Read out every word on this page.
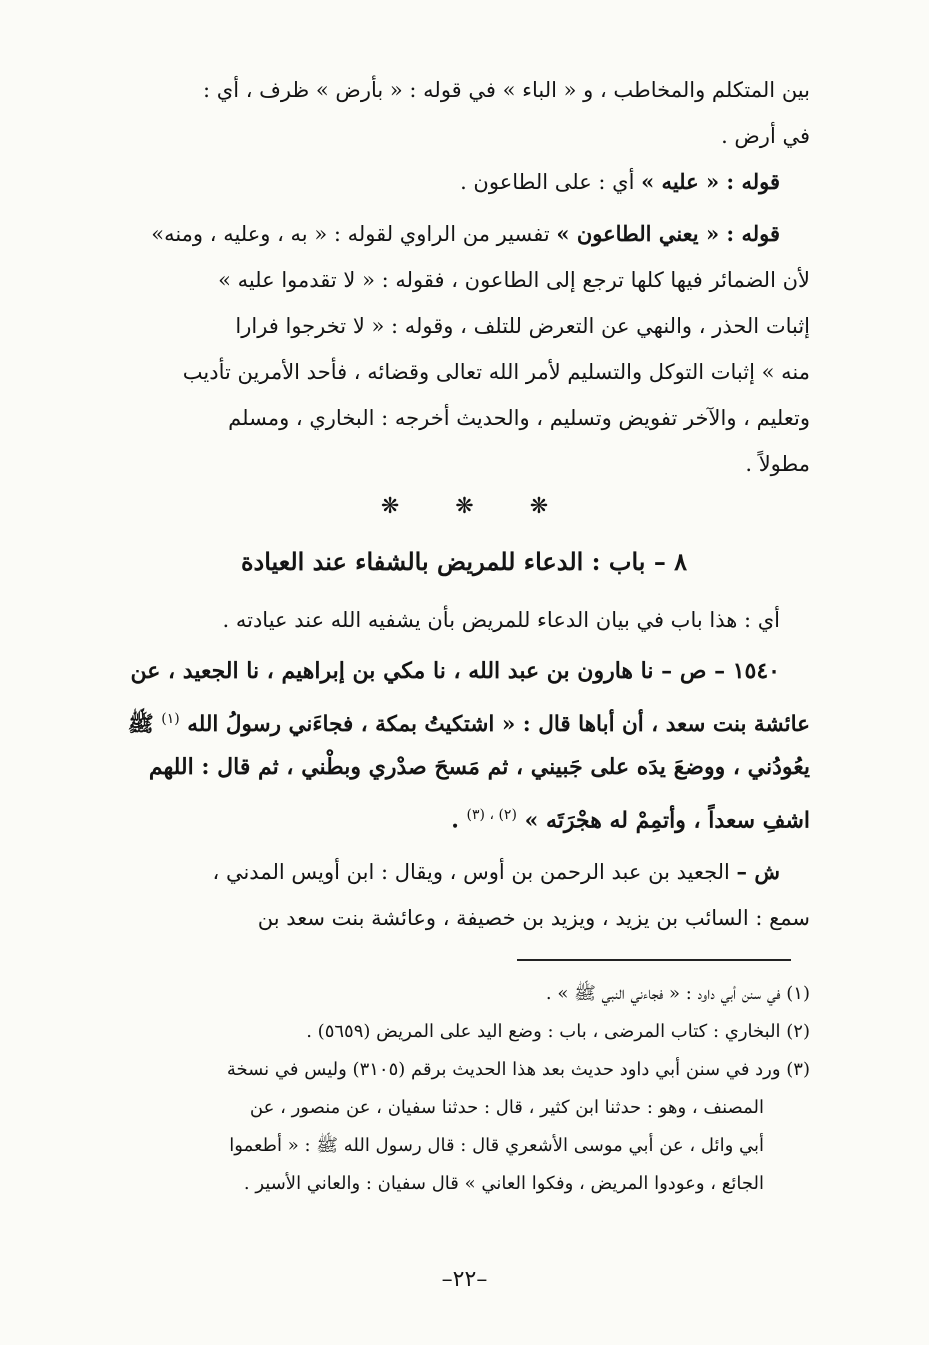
بين المتكلم والمخاطب ، و « الباء » في قوله : « بأرض » ظرف ، أي :
في أرض .
قوله : « عليه » أي : على الطاعون .
قوله : « يعني الطاعون » تفسير من الراوي لقوله : « به ، وعليه ، ومنه»
لأن الضمائر فيها كلها ترجع إلى الطاعون ، فقوله : « لا تقدموا عليه »
إثبات الحذر ، والنهي عن التعرض للتلف ، وقوله : « لا تخرجوا فرارا
منه » إثبات التوكل والتسليم لأمر الله تعالى وقضائه ، فأحد الأمرين تأديب
وتعليم ، والآخر تفويض وتسليم ، والحديث أخرجه : البخاري ، ومسلم
مطولاً .
❋	❋	❋
٨ – باب : الدعاء للمريض بالشفاء عند العيادة
أي : هذا باب في بيان الدعاء للمريض بأن يشفيه الله عند عيادته .
١٥٤٠ – ص – نا هارون بن عبد الله ، نا مكي بن إبراهيم ، نا الجعيد ، عن
عائشة بنت سعد ، أن أباها قال : « اشتكيتُ بمكة ، فجاءَني رسولُ الله $^{(١)}$ ﷺ
يعُودُني ، ووضعَ يدَه على جَبيني ، ثم مَسحَ صدْري وبطْني ، ثم قال : اللهم
اشفِ سعداً ، وأتمِمْ له هجْرَتَه » $^{(٢)}$ ، $^{(٣)}$ .
ش – الجعيد بن عبد الرحمن بن أوس ، ويقال : ابن أويس المدني ،
سمع : السائب بن يزيد ، ويزيد بن خصيفة ، وعائشة بنت سعد بن
(١) في سنن أبي داود : « فجاءني النبي ﷺ » .
(٢) البخاري : كتاب المرضى ، باب : وضع اليد على المريض (٥٦٥٩) .
(٣) ورد في سنن أبي داود حديث بعد هذا الحديث برقم (٣١٠٥) وليس في نسخة
المصنف ، وهو : حدثنا ابن كثير ، قال : حدثنا سفيان ، عن منصور ، عن
أبي وائل ، عن أبي موسى الأشعري قال : قال رسول الله ﷺ : « أطعموا
الجائع ، وعودوا المريض ، وفكوا العاني » قال سفيان : والعاني الأسير .
–٢٢–
